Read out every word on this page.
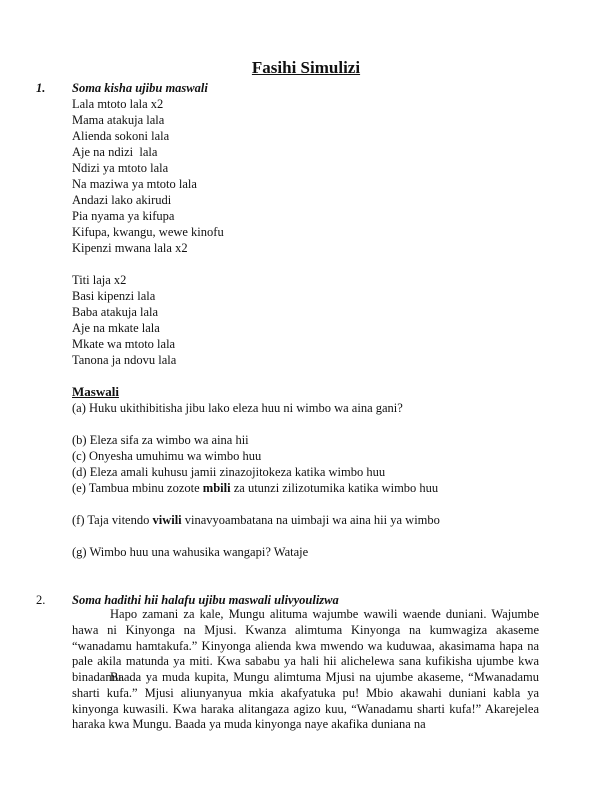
Fasihi Simulizi
1. Soma kisha ujibu maswali
Lala mtoto lala x2
Mama atakuja lala
Alienda sokoni lala
Aje na ndizi  lala
Ndizi ya mtoto lala
Na maziwa ya mtoto lala
Andazi lako akirudi
Pia nyama ya kifupa
Kifupa, kwangu, wewe kinofu
Kipenzi mwana lala x2
Titi laja x2
Basi kipenzi lala
Baba atakuja lala
Aje na mkate lala
Mkate wa mtoto lala
Tanona ja ndovu lala
Maswali
(a) Huku ukithibitisha jibu lako eleza huu ni wimbo wa aina gani?
(b) Eleza sifa za wimbo wa aina hii
(c) Onyesha umuhimu wa wimbo huu
(d) Eleza amali kuhusu jamii zinazojitokeza katika wimbo huu
(e) Tambua mbinu zozote mbili za utunzi zilizotumika katika wimbo huu
(f) Taja vitendo viwili vinavyoambatana na uimbaji wa aina hii ya wimbo
(g) Wimbo huu una wahusika wangapi? Wataje
2. Soma hadithi hii halafu ujibu maswali ulivyoulizwa

Hapo zamani za kale, Mungu alituma wajumbe wawili waende duniani. Wajumbe hawa ni Kinyonga na Mjusi. Kwanza alimtuma Kinyonga na kumwagiza akaseme “wanadamu hamtakufa.” Kinyonga aliendа kwa mwendo wa kuduwaa, akasimama hapa na pale akila matunda ya miti. Kwa sababu ya hali hii alichelewa sana kufikisha ujumbe kwa binadamu.

Baada ya muda kupita, Mungu alimtuma Mjusi na ujumbe akaseme, “Mwanadamu sharti kufa.” Mjusi aliunyanyua mkia akafyatuka pu! Mbio akawahi duniani kabla ya kinyonga kuwasili. Kwa haraka alitangaza agizo kuu, “Wanadamu sharti kufa!” Akarejelea haraka kwa Mungu. Baada ya muda kinyonga naye akafika duniana na
